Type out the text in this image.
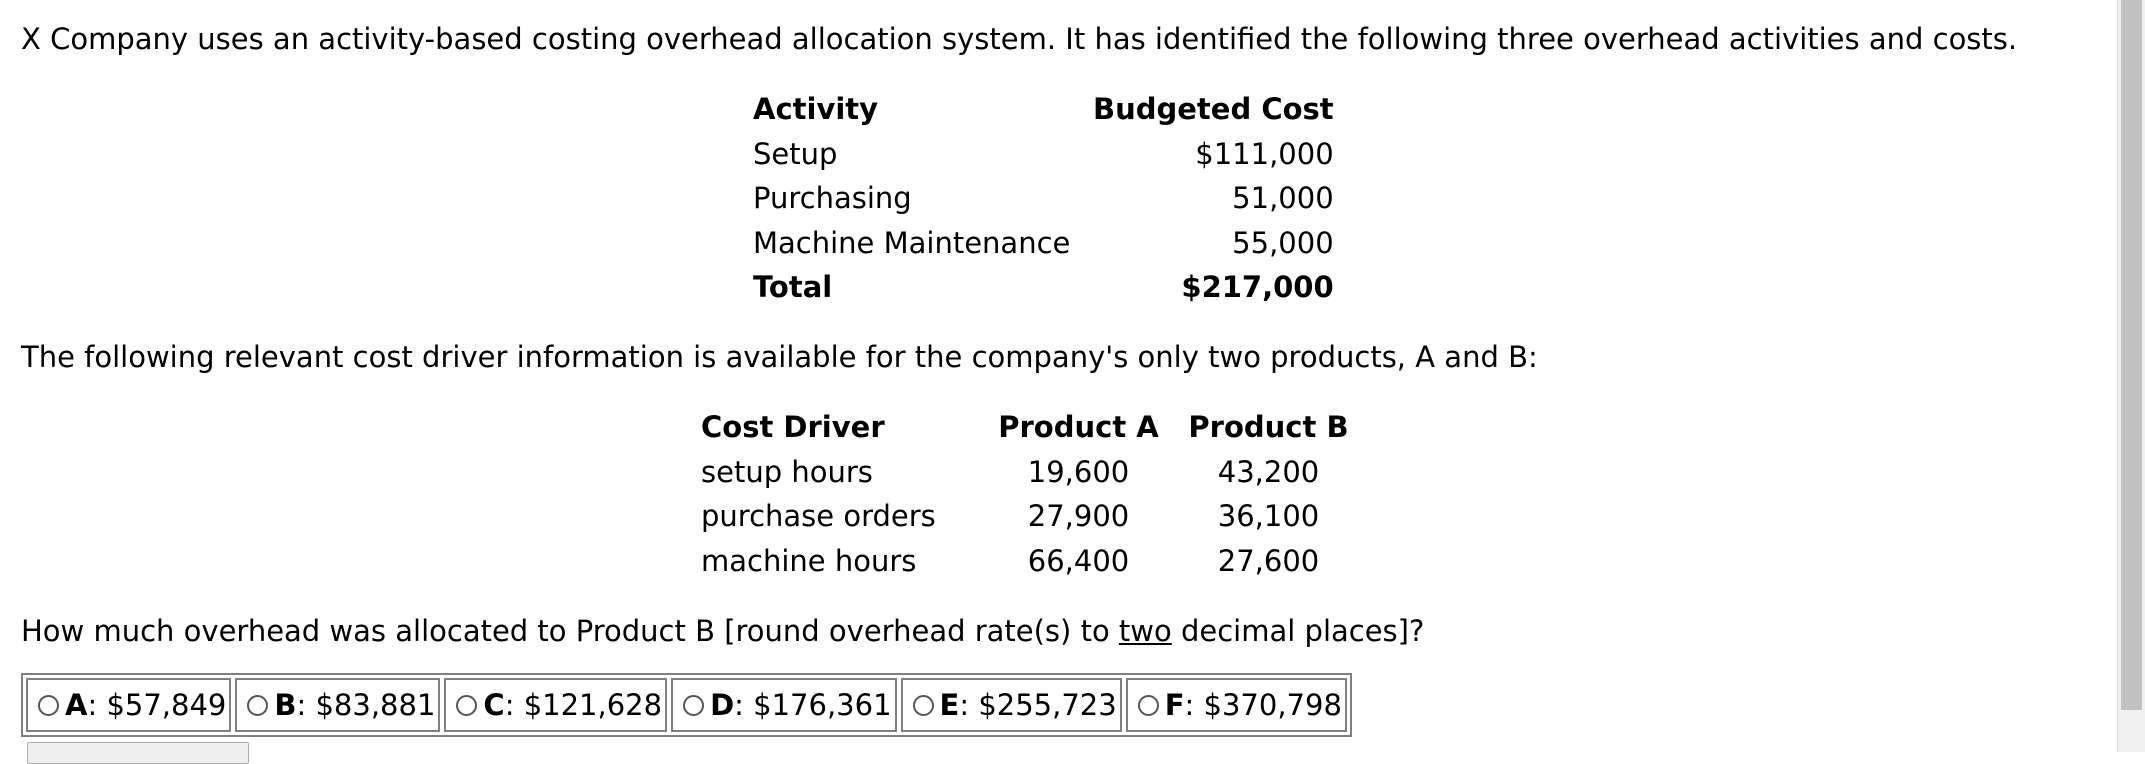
X Company uses an activity-based costing overhead allocation system. It has identified the following three overhead activities and costs.
Activity	Budgeted Cost
Setup	$111,000
Purchasing	51,000
Machine Maintenance	55,000
Total	$217,000
The following relevant cost driver information is available for the company's only two products, A and B:
Cost Driver	Product A	Product B
setup hours	19,600	43,200
purchase orders	27,900	36,100
machine hours	66,400	27,600
How much overhead was allocated to Product B [round overhead rate(s) to two decimal places]?
A : $57,849 B : $83,881 C : $121,628 D : $176,361 E : $255,723 F : $370,798
